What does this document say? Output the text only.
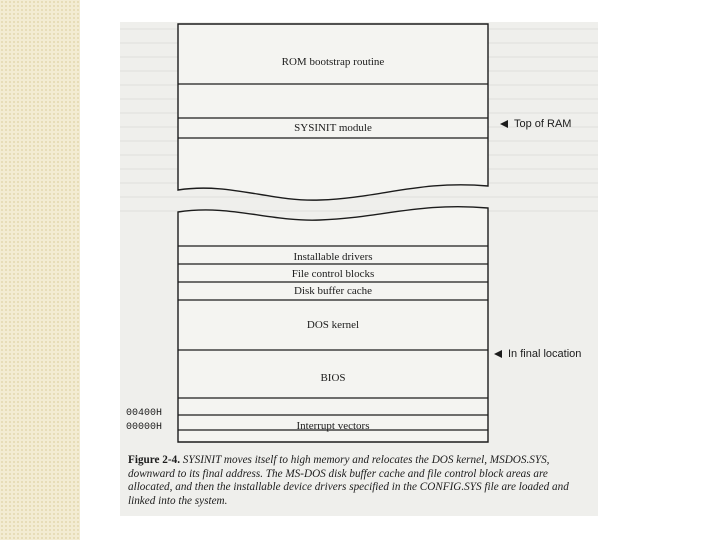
ROM bootstrap routine
SYSINIT module
Installable drivers
File control blocks
Disk buffer cache
DOS kernel
BIOS
Interrupt vectors
00400H
00000H
Top of RAM
In final location
Figure 2-4. SYSINIT moves itself to high memory and relocates the DOS kernel, MSDOS.SYS, downward to its final address. The MS-DOS disk buffer cache and file control block areas are allocated, and then the installable device drivers specified in the CONFIG.SYS file are loaded and linked into the system.
